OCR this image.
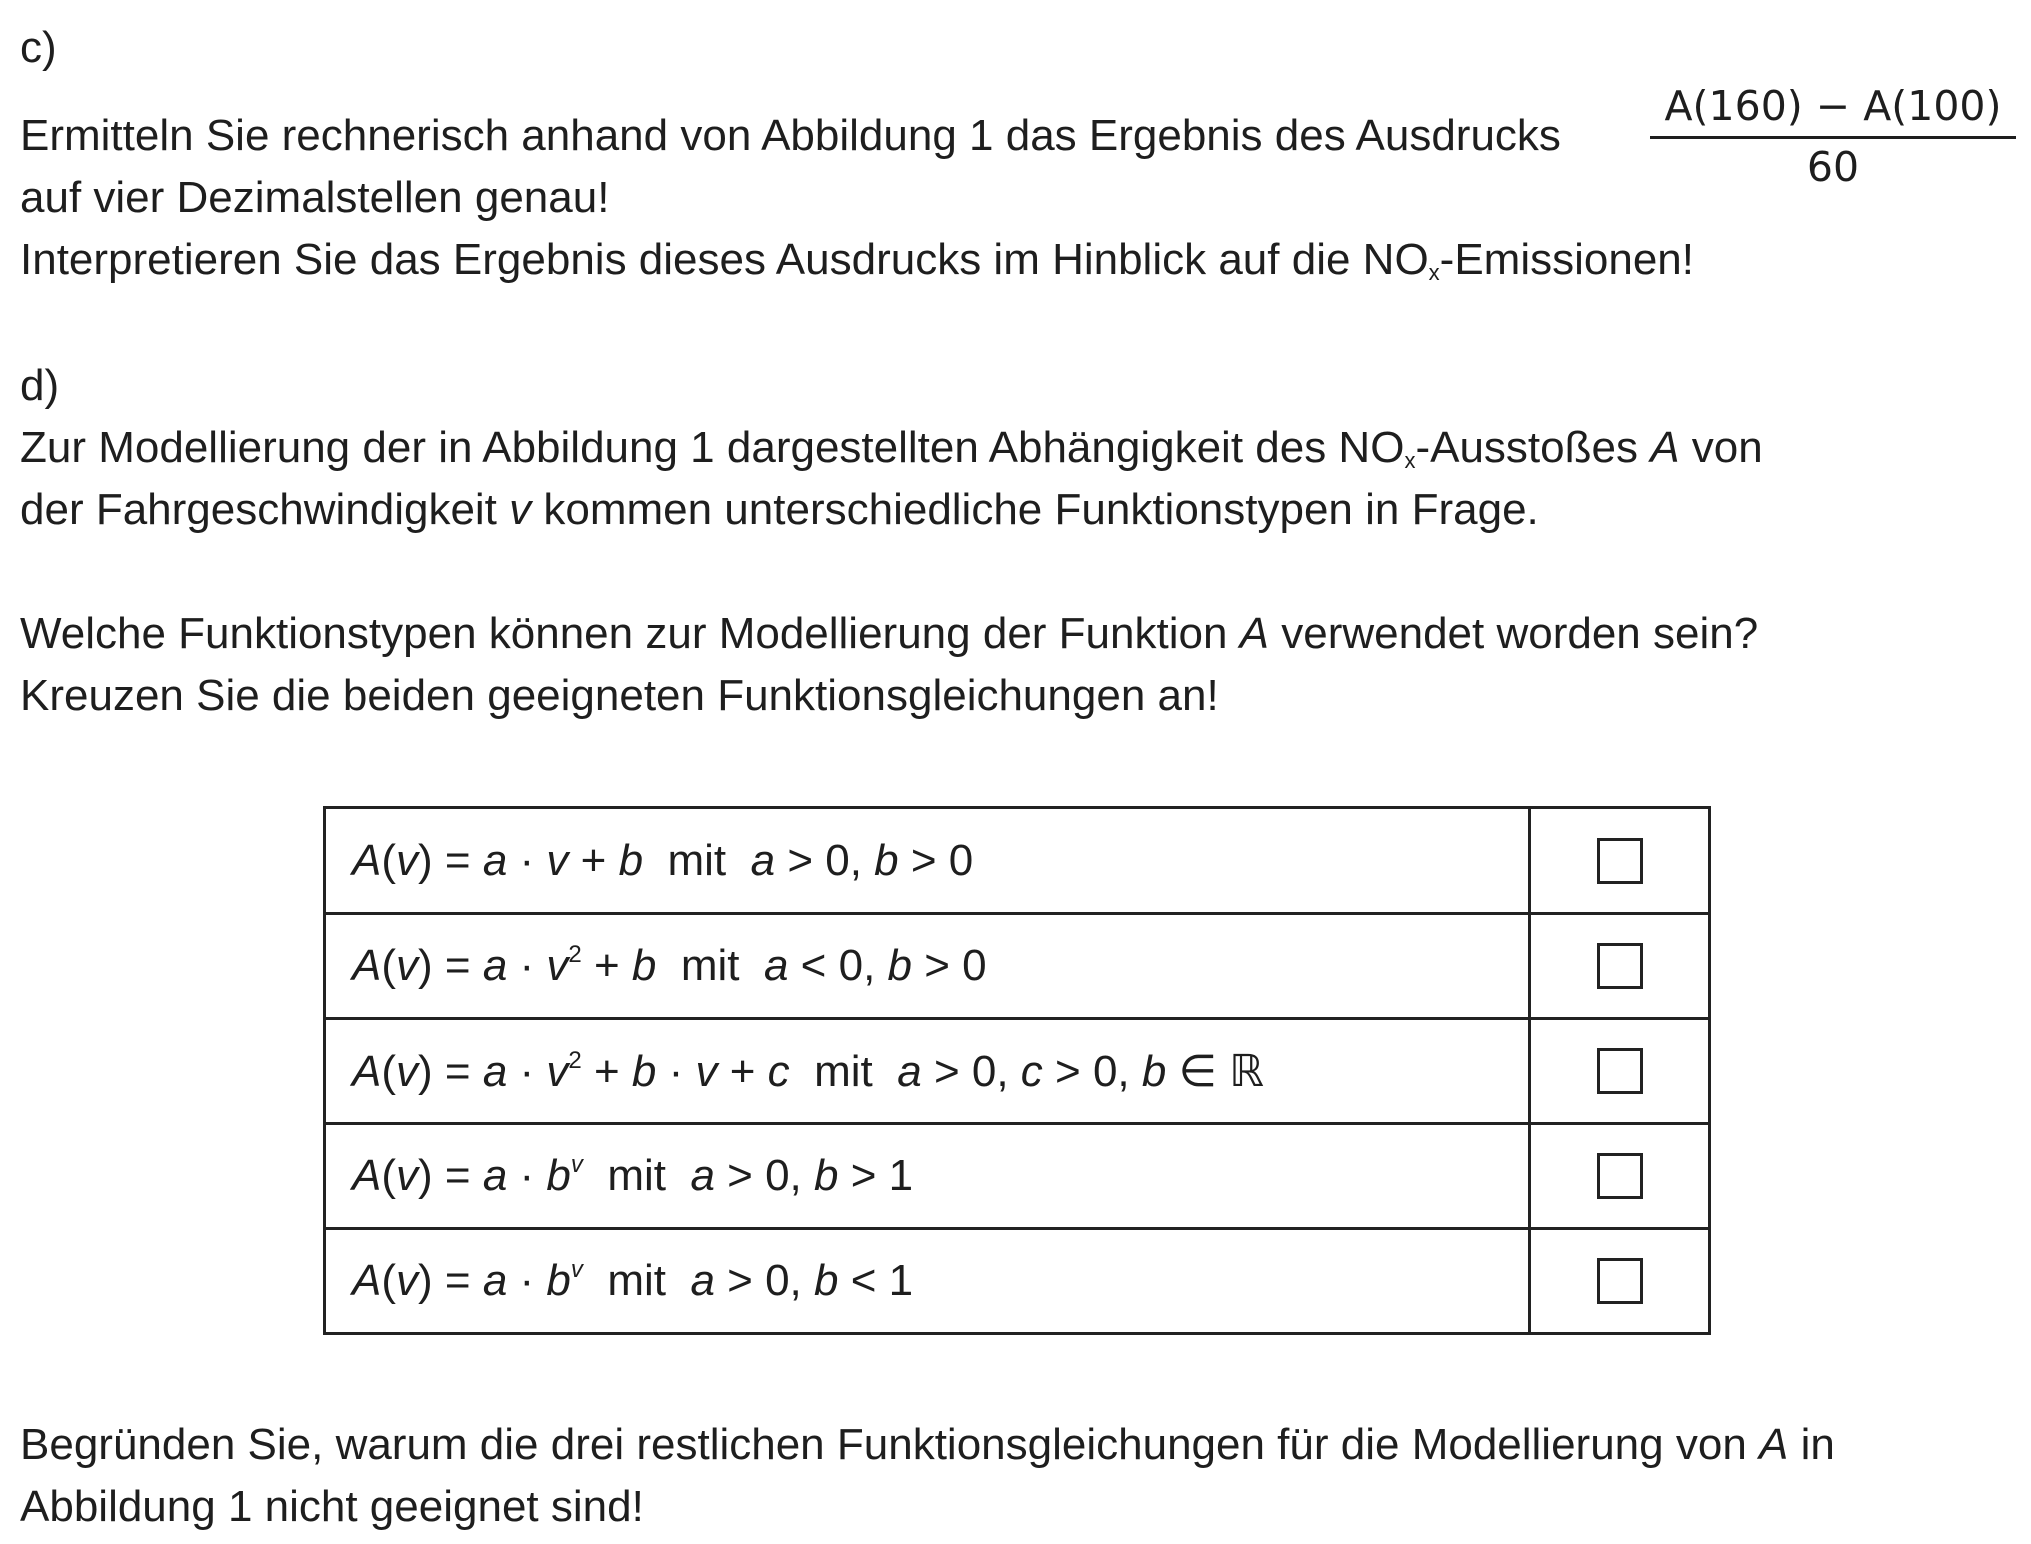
c)
Ermitteln Sie rechnerisch anhand von Abbildung 1 das Ergebnis des Ausdrucks $\frac{A(160) - A(100)}{60}$
auf vier Dezimalstellen genau!
Interpretieren Sie das Ergebnis dieses Ausdrucks im Hinblick auf die $NO_x$-Emissionen!
d)
Zur Modellierung der in Abbildung 1 dargestellten Abhängigkeit des $NO_x$-Ausstoßes A von
der Fahrgeschwindigkeit v kommen unterschiedliche Funktionstypen in Frage.
Welche Funktionstypen können zur Modellierung der Funktion A verwendet worden sein?
Kreuzen Sie die beiden geeigneten Funktionsgleichungen an!
A(v) = a · v + b  mit  a > 0, b > 0
$A(v) = a \cdot v^2 + b$  mit  a < 0, b > 0
$A(v) = a \cdot v^2 + b \cdot v + c$  mit  a > 0, c > 0, b ∈ ℝ
$A(v) = a \cdot b^v$  mit  a > 0, b > 1
$A(v) = a \cdot b^v$  mit  a > 0, b < 1
Begründen Sie, warum die drei restlichen Funktionsgleichungen für die Modellierung von A in
Abbildung 1 nicht geeignet sind!
